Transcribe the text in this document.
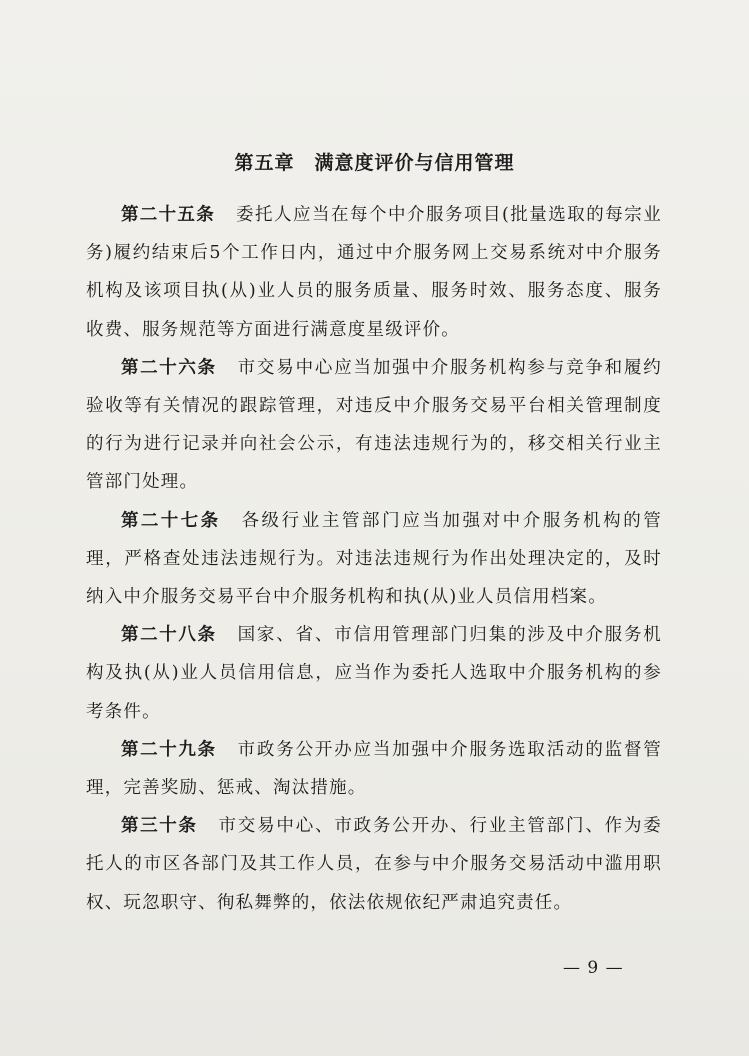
第五章　满意度评价与信用管理

第二十五条 委托人应当在每个中介服务项目(批量选取的每宗业务)履约结束后5个工作日内，通过中介服务网上交易系统对中介服务机构及该项目执(从)业人员的服务质量、服务时效、服务态度、服务收费、服务规范等方面进行满意度星级评价。

第二十六条 市交易中心应当加强中介服务机构参与竞争和履约验收等有关情况的跟踪管理，对违反中介服务交易平台相关管理制度的行为进行记录并向社会公示，有违法违规行为的，移交相关行业主管部门处理。

第二十七条 各级行业主管部门应当加强对中介服务机构的管理，严格查处违法违规行为。对违法违规行为作出处理决定的，及时纳入中介服务交易平台中介服务机构和执(从)业人员信用档案。

第二十八条 国家、省、市信用管理部门归集的涉及中介服务机构及执(从)业人员信用信息，应当作为委托人选取中介服务机构的参考条件。

第二十九条 市政务公开办应当加强中介服务选取活动的监督管理，完善奖励、惩戒、淘汰措施。

第三十条 市交易中心、市政务公开办、行业主管部门、作为委托人的市区各部门及其工作人员，在参与中介服务交易活动中滥用职权、玩忽职守、徇私舞弊的，依法依规依纪严肃追究责任。

— 9 —
